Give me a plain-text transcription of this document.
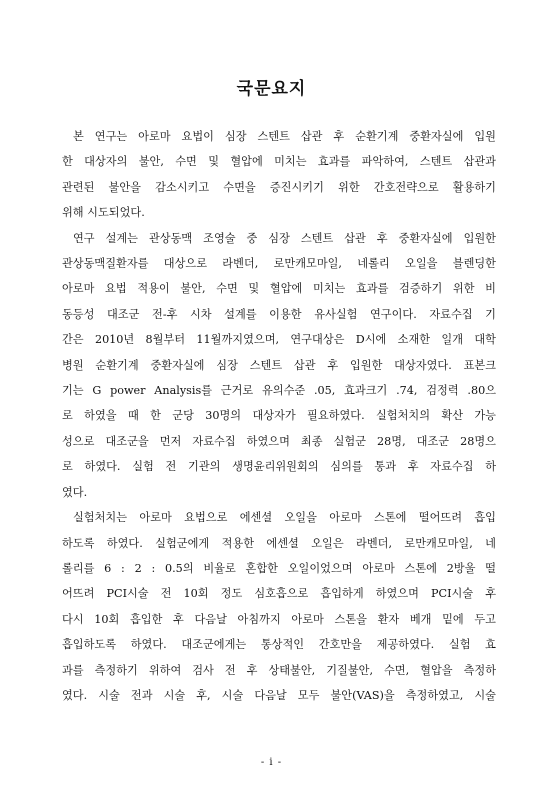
국문요지

본 연구는 아로마 요법이 심장 스텐트 삽관 후 순환기계 중환자실에 입원
한 대상자의 불안, 수면 및 혈압에 미치는 효과를 파악하여, 스텐트 삽관과
관련된 불안을 감소시키고 수면을 증진시키기 위한 간호전략으로 활용하기
위해 시도되었다.

연구 설계는 관상동맥 조영술 중 심장 스텐트 삽관 후 중환자실에 입원한
관상동맥질환자를 대상으로 라벤더, 로만캐모마일, 네롤리 오일을 블렌딩한
아로마 요법 적용이 불안, 수면 및 혈압에 미치는 효과를 검증하기 위한 비
동등성 대조군 전-후 시차 설계를 이용한 유사실험 연구이다. 자료수집 기
간은 2010년 8월부터 11월까지였으며, 연구대상은 D시에 소재한 일개 대학
병원 순환기계 중환자실에 심장 스텐트 삽관 후 입원한 대상자였다. 표본크
기는 G power Analysis를 근거로 유의수준 .05, 효과크기 .74, 검정력 .80으
로 하였을 때 한 군당 30명의 대상자가 필요하였다. 실험처치의 확산 가능
성으로 대조군을 먼저 자료수집 하였으며 최종 실험군 28명, 대조군 28명으
로 하였다. 실험 전 기관의 생명윤리위원회의 심의를 통과 후 자료수집 하
였다.

실험처치는 아로마 요법으로 에센셜 오일을 아로마 스톤에 떨어뜨려 흡입
하도록 하였다. 실험군에게 적용한 에센셜 오일은 라벤더, 로만캐모마일, 네
롤리를 6 : 2 : 0.5의 비율로 혼합한 오일이었으며 아로마 스톤에 2방울 떨
어뜨려 PCI시술 전 10회 정도 심호흡으로 흡입하게 하였으며 PCI시술 후
다시 10회 흡입한 후 다음날 아침까지 아로마 스톤을 환자 베개 밑에 두고
흡입하도록 하였다. 대조군에게는 통상적인 간호만을 제공하였다. 실험 효
과를 측정하기 위하여 검사 전 후 상태불안, 기질불안, 수면, 혈압을 측정하
였다. 시술 전과 시술 후, 시술 다음날 모두 불안(VAS)을 측정하였고, 시술

- i -
